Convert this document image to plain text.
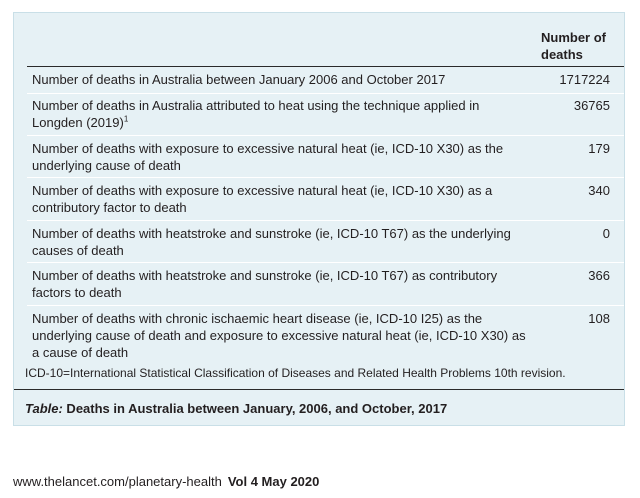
Number of deaths
Number of deaths in Australia between January 2006 and October 2017	1717224
Number of deaths in Australia attributed to heat using the technique applied in Longden $(2019)^1$
36765
Number of deaths with exposure to excessive natural heat (ie, ICD-10 X30) as the underlying cause of death
179
Number of deaths with exposure to excessive natural heat (ie, ICD-10 X30) as a contributory factor to death
340
Number of deaths with heatstroke and sunstroke (ie, ICD-10 T67) as the underlying causes of death
0
Number of deaths with heatstroke and sunstroke (ie, ICD-10 T67) as contributory factors to death
366
Number of deaths with chronic ischaemic heart disease (ie, ICD-10 I25) as the underlying cause of death and exposure to excessive natural heat (ie, ICD-10 X30) as a cause of death
108
ICD-10=International Statistical Classification of Diseases and Related Health Problems 10th revision.
Table: Deaths in Australia between January, 2006, and October, 2017
www.thelancet.com/planetary-health Vol 4 May 2020
